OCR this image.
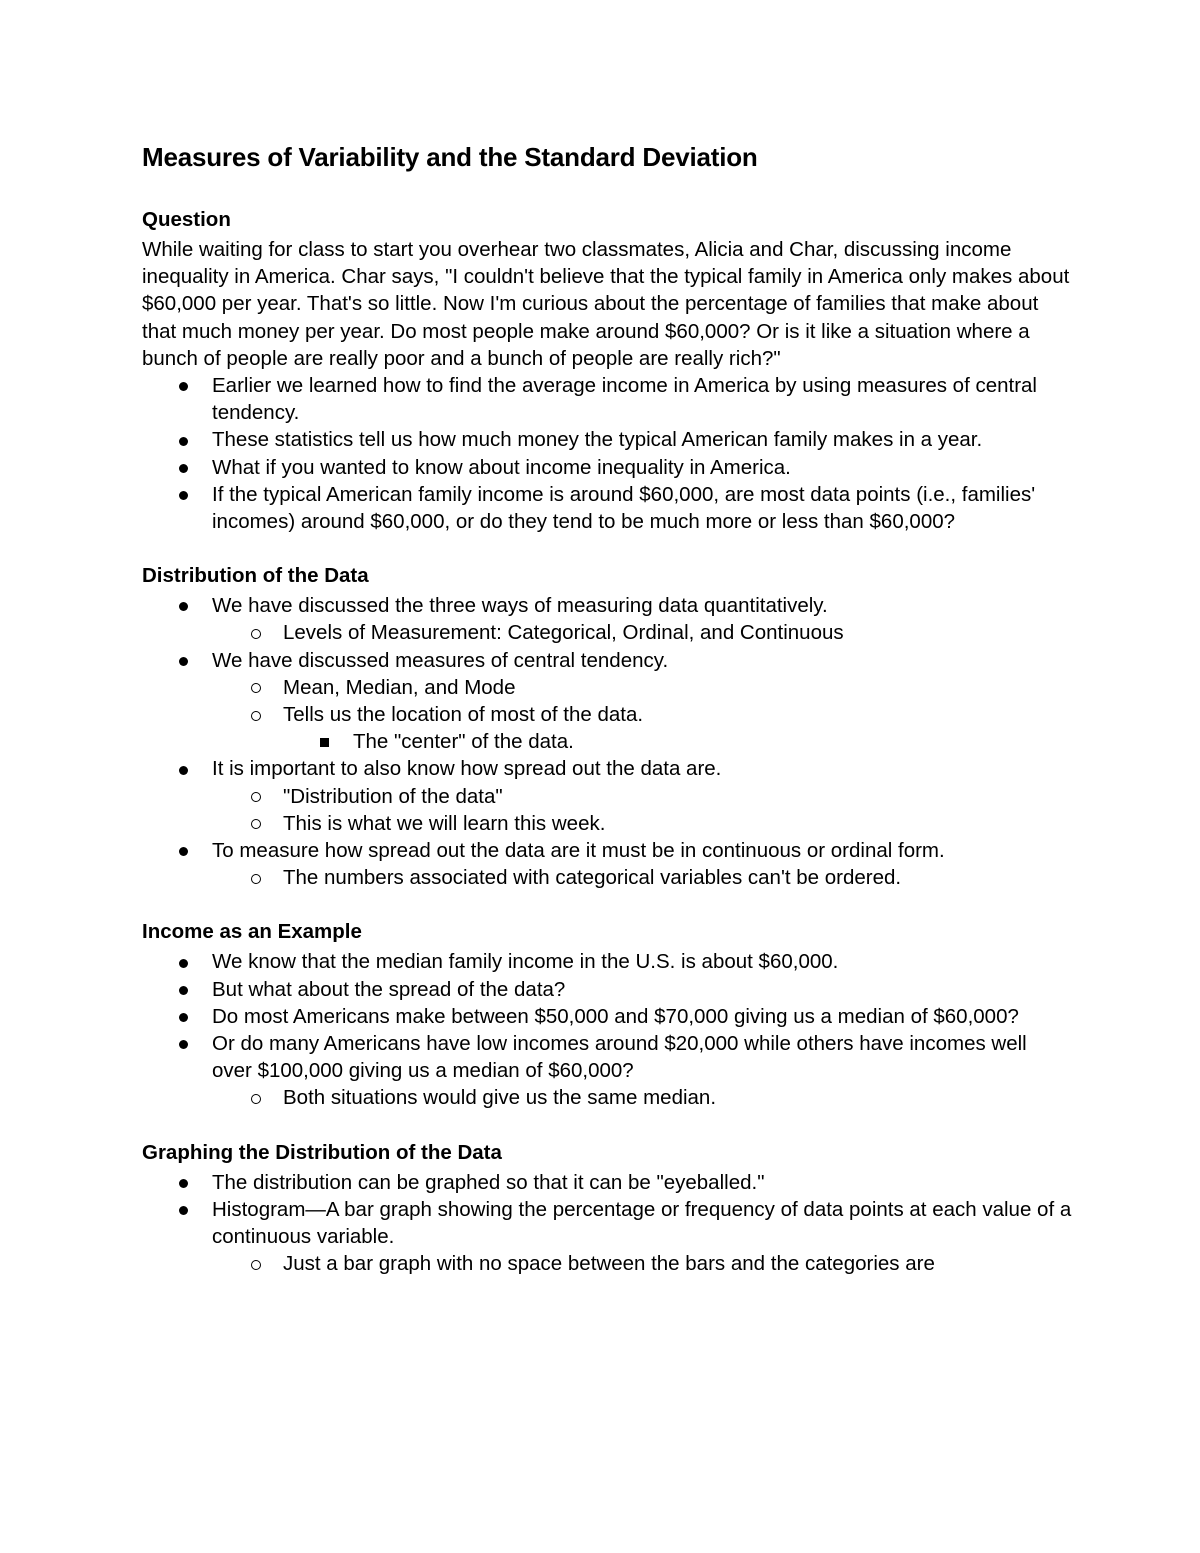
Measures of Variability and the Standard Deviation
Question

While waiting for class to start you overhear two classmates, Alicia and Char, discussing income inequality in America. Char says, "I couldn't believe that the typical family in America only makes about $60,000 per year. That's so little. Now I'm curious about the percentage of families that make about that much money per year. Do most people make around $60,000? Or is it like a situation where a bunch of people are really poor and a bunch of people are really rich?"

Earlier we learned how to find the average income in America by using measures of central tendency.
These statistics tell us how much money the typical American family makes in a year.
What if you wanted to know about income inequality in America.
If the typical American family income is around $60,000, are most data points (i.e., families' incomes) around $60,000, or do they tend to be much more or less than $60,000?
Distribution of the Data
We have discussed the three ways of measuring data quantitatively.
Levels of Measurement: Categorical, Ordinal, and Continuous
We have discussed measures of central tendency.
Mean, Median, and Mode
Tells us the location of most of the data.
The "center" of the data.
It is important to also know how spread out the data are.
"Distribution of the data"
This is what we will learn this week.
To measure how spread out the data are it must be in continuous or ordinal form.
The numbers associated with categorical variables can't be ordered.
Income as an Example
We know that the median family income in the U.S. is about $60,000.
But what about the spread of the data?
Do most Americans make between $50,000 and $70,000 giving us a median of $60,000?
Or do many Americans have low incomes around $20,000 while others have incomes well over $100,000 giving us a median of $60,000?
Both situations would give us the same median.
Graphing the Distribution of the Data
The distribution can be graphed so that it can be "eyeballed."
Histogram—A bar graph showing the percentage or frequency of data points at each value of a continuous variable.
Just a bar graph with no space between the bars and the categories are
